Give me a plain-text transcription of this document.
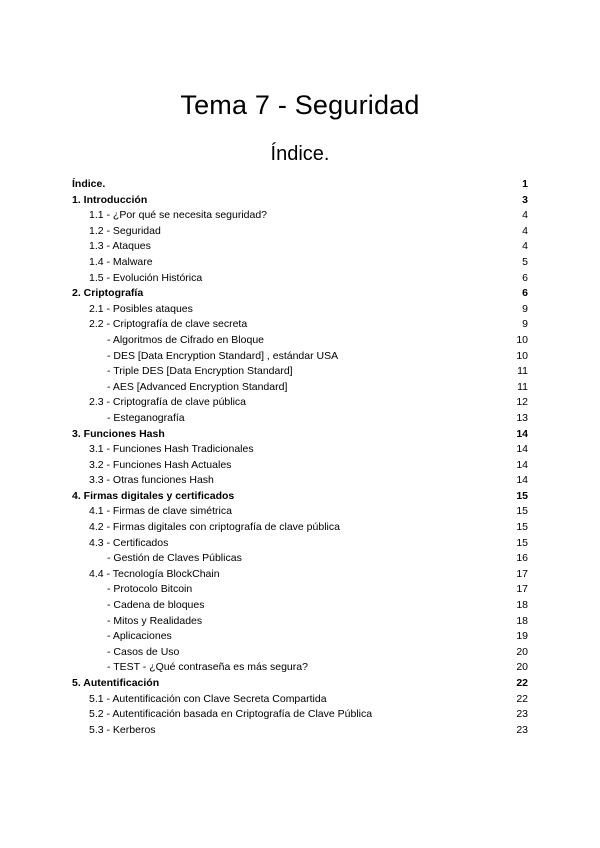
Tema 7 - Seguridad
Índice.
Índice.	1
1. Introducción	3
1.1 - ¿Por qué se necesita seguridad?	4
1.2 - Seguridad	4
1.3 - Ataques	4
1.4 - Malware	5
1.5 - Evolución Histórica	6
2. Criptografía	6
2.1 - Posibles ataques	9
2.2 - Criptografía de clave secreta	9
- Algoritmos de Cifrado en Bloque	10
- DES [Data Encryption Standard] , estándar USA	10
- Triple DES [Data Encryption Standard]	11
- AES [Advanced Encryption Standard]	11
2.3 - Criptografía de clave pública	12
- Esteganografía	13
3. Funciones Hash	14
3.1 - Funciones Hash Tradicionales	14
3.2 - Funciones Hash Actuales	14
3.3 - Otras funciones Hash	14
4. Firmas digitales y certificados	15
4.1 - Firmas de clave simétrica	15
4.2 - Firmas digitales con criptografía de clave pública	15
4.3 - Certificados	15
- Gestión de Claves Públicas	16
4.4 - Tecnología BlockChain	17
- Protocolo Bitcoin	17
- Cadena de bloques	18
- Mitos y Realidades	18
- Aplicaciones	19
- Casos de Uso	20
- TEST - ¿Qué contraseña es más segura?	20
5. Autentificación	22
5.1 - Autentificación con Clave Secreta Compartida	22
5.2 - Autentificación basada en Criptografía de Clave Pública	23
5.3 - Kerberos	23
